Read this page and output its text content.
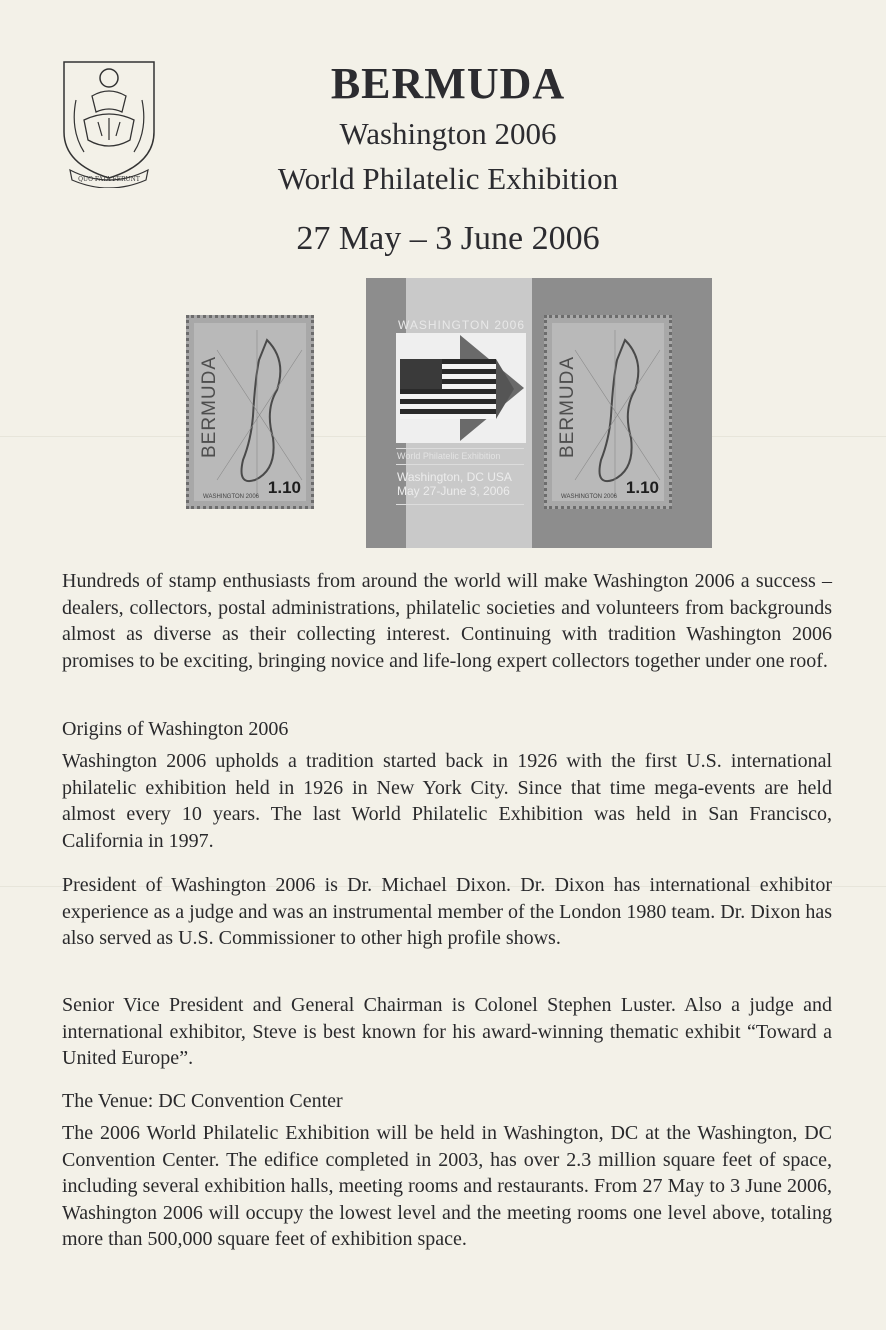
QUO FATA FERUNT
BERMUDA
Washington 2006
World Philatelic Exhibition
27 May – 3 June 2006
WASHINGTON 2006
World Philatelic Exhibition
Washington, DC USA
May 27-June 3, 2006
BERMUDA
WASHINGTON 2006 1.10
BERMUDA
WASHINGTON 2006 1.10

Hundreds of stamp enthusiasts from around the world will make Washington 2006 a success – dealers, collectors, postal administrations, philatelic societies and volunteers from backgrounds almost as diverse as their collecting interest. Continuing with tradition Washington 2006 promises to be exciting, bringing novice and life-long expert collectors together under one roof.

Origins of Washington 2006

Washington 2006 upholds a tradition started back in 1926 with the first U.S. international philatelic exhibition held in 1926 in New York City. Since that time mega-events are held almost every 10 years. The last World Philatelic Exhibition was held in San Francisco, California in 1997.

President of Washington 2006 is Dr. Michael Dixon. Dr. Dixon has international exhibitor experience as a judge and was an instrumental member of the London 1980 team. Dr. Dixon has also served as U.S. Commissioner to other high profile shows.

Senior Vice President and General Chairman is Colonel Stephen Luster. Also a judge and international exhibitor, Steve is best known for his award-winning thematic exhibit “Toward a United Europe”.

The Venue: DC Convention Center

The 2006 World Philatelic Exhibition will be held in Washington, DC at the Washington, DC Convention Center. The edifice completed in 2003, has over 2.3 million square feet of space, including several exhibition halls, meeting rooms and restaurants. From 27 May to 3 June 2006, Washington 2006 will occupy the lowest level and the meeting rooms one level above, totaling more than 500,000 square feet of exhibition space.
